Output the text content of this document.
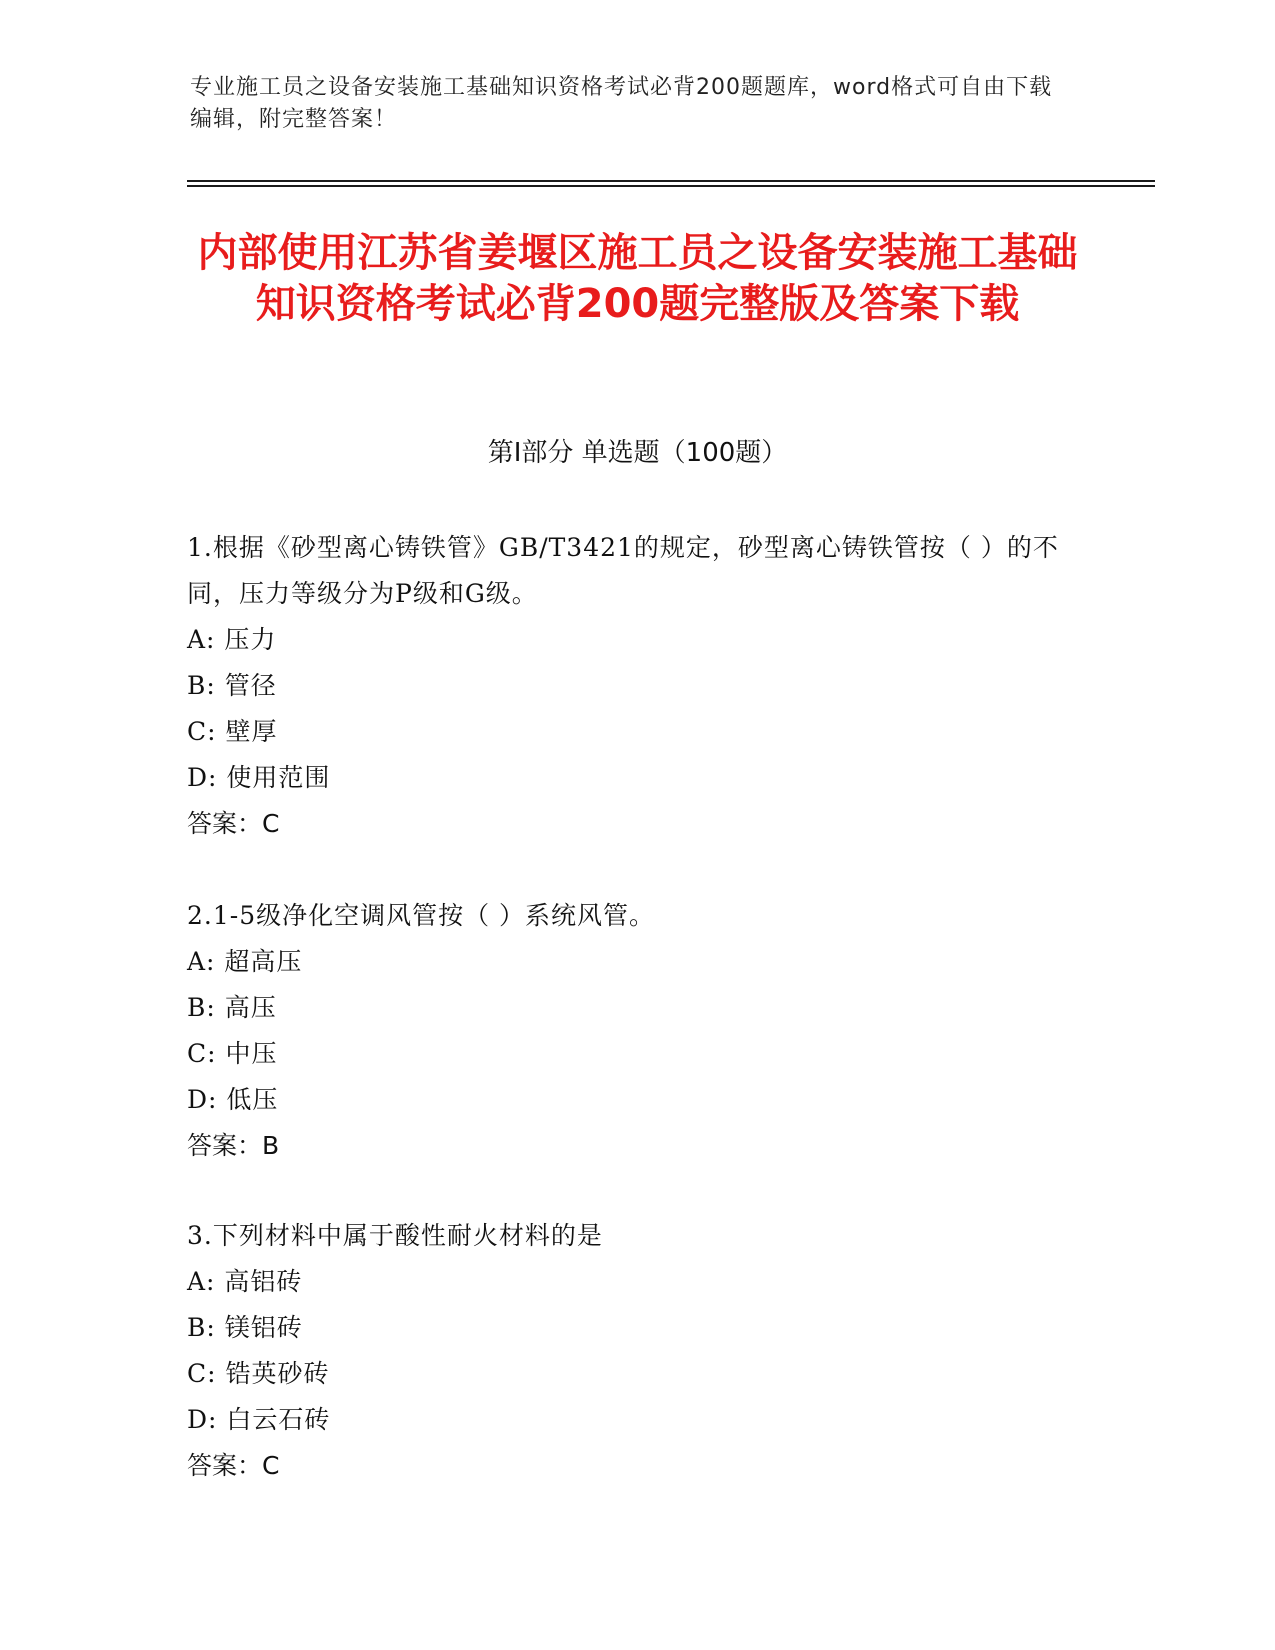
专业施工员之设备安装施工基础知识资格考试必背200题题库，word格式可自由下载编辑，附完整答案！
内部使用江苏省姜堰区施工员之设备安装施工基础知识资格考试必背200题完整版及答案下载
第I部分 单选题（100题）
1.根据《砂型离心铸铁管》GB/T3421的规定，砂型离心铸铁管按（ ）的不同，压力等级分为P级和G级。
A: 压力
B: 管径
C: 壁厚
D: 使用范围
答案：C
2.1-5级净化空调风管按（ ）系统风管。
A: 超高压
B: 高压
C: 中压
D: 低压
答案：B
3.下列材料中属于酸性耐火材料的是
A: 高铝砖
B: 镁铝砖
C: 锆英砂砖
D: 白云石砖
答案：C
